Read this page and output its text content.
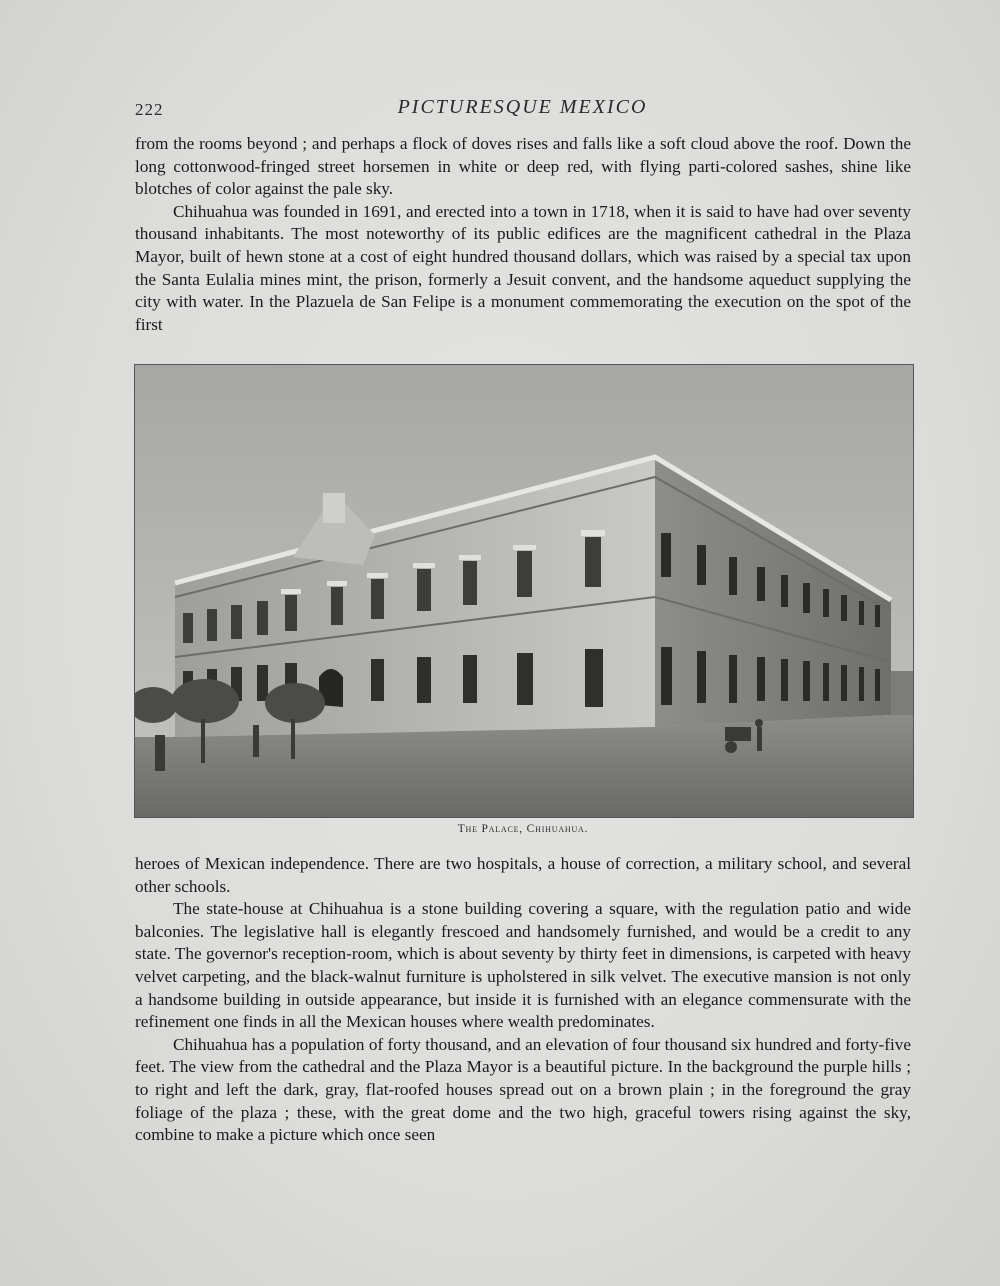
222	PICTURESQUE MEXICO

from the rooms beyond ; and perhaps a flock of doves rises and falls like a soft cloud above the roof. Down the long cottonwood-fringed street horsemen in white or deep red, with flying parti-colored sashes, shine like blotches of color against the pale sky.

Chihuahua was founded in 1691, and erected into a town in 1718, when it is said to have had over seventy thousand inhabitants. The most noteworthy of its public edifices are the magnificent cathedral in the Plaza Mayor, built of hewn stone at a cost of eight hundred thousand dollars, which was raised by a special tax upon the Santa Eulalia mines mint, the prison, formerly a Jesuit convent, and the handsome aqueduct supplying the city with water. In the Plazuela de San Felipe is a monument commemorating the execution on the spot of the first

The Palace, Chihuahua.

heroes of Mexican independence. There are two hospitals, a house of correction, a military school, and several other schools.

The state-house at Chihuahua is a stone building covering a square, with the regulation patio and wide balconies. The legislative hall is elegantly frescoed and handsomely furnished, and would be a credit to any state. The governor's reception-room, which is about seventy by thirty feet in dimensions, is carpeted with heavy velvet carpeting, and the black-walnut furniture is upholstered in silk velvet. The executive mansion is not only a handsome building in outside appearance, but inside it is furnished with an elegance commensurate with the refinement one finds in all the Mexican houses where wealth predominates.

Chihuahua has a population of forty thousand, and an elevation of four thousand six hundred and forty-five feet. The view from the cathedral and the Plaza Mayor is a beautiful picture. In the background the purple hills ; to right and left the dark, gray, flat-roofed houses spread out on a brown plain ; in the foreground the gray foliage of the plaza ; these, with the great dome and the two high, graceful towers rising against the sky, combine to make a picture which once seen
